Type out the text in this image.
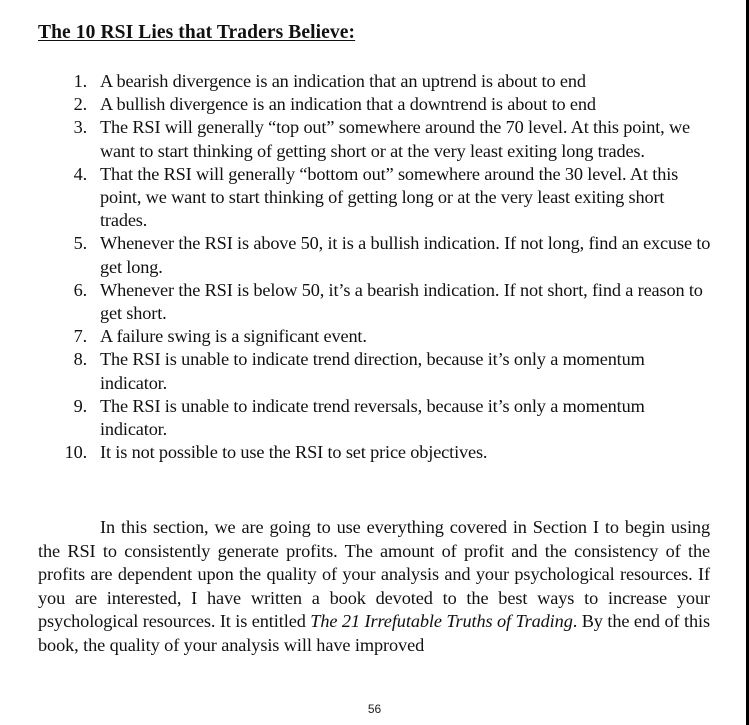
The 10 RSI Lies that Traders Believe:
1. A bearish divergence is an indication that an uptrend is about to end
2. A bullish divergence is an indication that a downtrend is about to end
3. The RSI will generally “top out” somewhere around the 70 level. At this point, we want to start thinking of getting short or at the very least exiting long trades.
4. That the RSI will generally “bottom out” somewhere around the 30 level. At this point, we want to start thinking of getting long or at the very least exiting short trades.
5. Whenever the RSI is above 50, it is a bullish indication. If not long, find an excuse to get long.
6. Whenever the RSI is below 50, it’s a bearish indication. If not short, find a reason to get short.
7. A failure swing is a significant event.
8. The RSI is unable to indicate trend direction, because it’s only a momentum indicator.
9. The RSI is unable to indicate trend reversals, because it’s only a momentum indicator.
10. It is not possible to use the RSI to set price objectives.

In this section, we are going to use everything covered in Section I to begin using the RSI to consistently generate profits. The amount of profit and the consistency of the profits are dependent upon the quality of your analysis and your psychological resources. If you are interested, I have written a book devoted to the best ways to increase your psychological resources. It is entitled The 21 Irrefutable Truths of Trading. By the end of this book, the quality of your analysis will have improved

56
